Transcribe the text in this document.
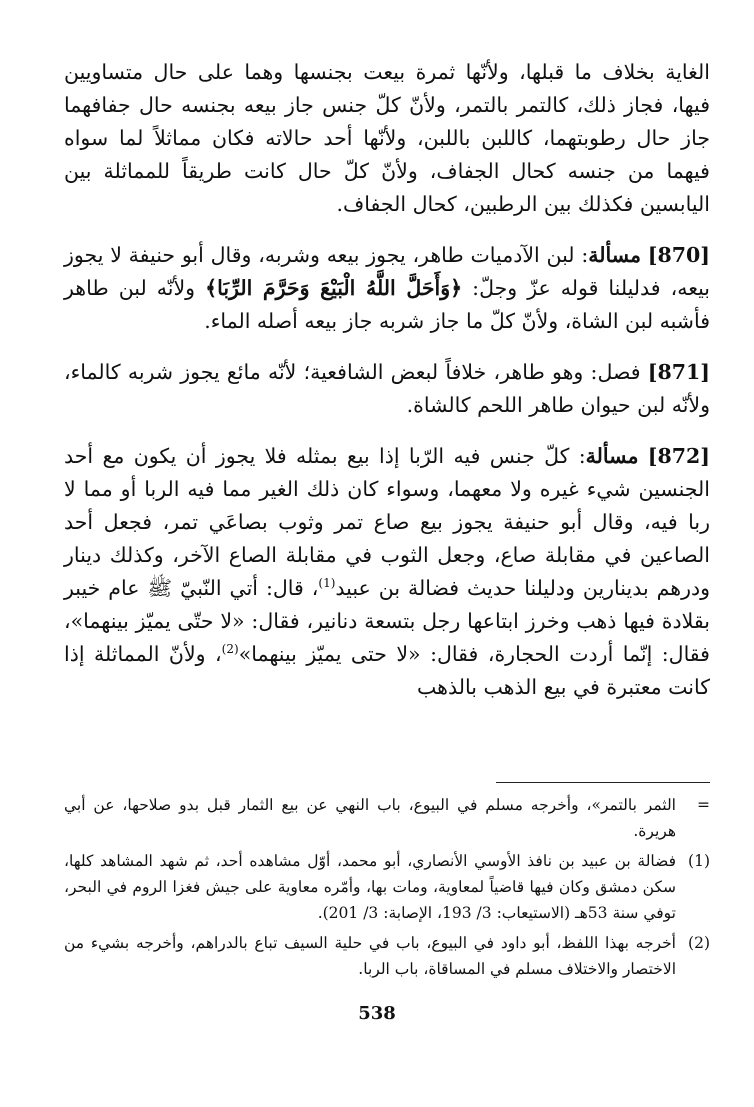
الغاية بخلاف ما قبلها، ولأنّها ثمرة بيعت بجنسها وهما على حال متساويين فيها، فجاز ذلك، كالتمر بالتمر، ولأنّ كلّ جنس جاز بيعه بجنسه حال جفافهما جاز حال رطوبتهما، كاللبن باللبن، ولأنّها أحد حالاته فكان مماثلاً لما سواه فيهما من جنسه كحال الجفاف، ولأنّ كلّ حال كانت طريقاً للمماثلة بين اليابسين فكذلك بين الرطبين، كحال الجفاف.

[870] مسألة: لبن الآدميات طاهر، يجوز بيعه وشربه، وقال أبو حنيفة لا يجوز بيعه، فدليلنا قوله عزّ وجلّ: ﴿وَأَحَلَّ اللَّهُ الْبَيْعَ وَحَرَّمَ الرِّبَا﴾ ولأنّه لبن طاهر فأشبه لبن الشاة، ولأنّ كلّ ما جاز شربه جاز بيعه أصله الماء.

[871] فصل: وهو طاهر، خلافاً لبعض الشافعية؛ لأنّه مائع يجوز شربه كالماء، ولأنّه لبن حيوان طاهر اللحم كالشاة.

[872] مسألة: كلّ جنس فيه الرّبا إذا بيع بمثله فلا يجوز أن يكون مع أحد الجنسين شيء غيره ولا معهما، وسواء كان ذلك الغير مما فيه الربا أو مما لا ربا فيه، وقال أبو حنيفة يجوز بيع صاع تمر وثوب بصاعَي تمر، فجعل أحد الصاعين في مقابلة صاع، وجعل الثوب في مقابلة الصاع الآخر، وكذلك دينار ودرهم بدينارين ودليلنا حديث فضالة بن عبيد$^{(1)}$، قال: أتي النّبيّ ﷺ عام خيبر بقلادة فيها ذهب وخرز ابتاعها رجل بتسعة دنانير، فقال: «لا حتّى يميّز بينهما»، فقال: إنّما أردت الحجارة، فقال: «لا حتى يميّز بينهما»$^{(2)}$، ولأنّ المماثلة إذا كانت معتبرة في بيع الذهب بالذهب

=
الثمر بالتمر»، وأخرجه مسلم في البيوع، باب النهي عن بيع الثمار قبل بدو صلاحها، عن أبي هريرة.

(1)
فضالة بن عبيد بن نافذ الأوسي الأنصاري، أبو محمد، أوّل مشاهده أحد، ثم شهد المشاهد كلها، سكن دمشق وكان فيها قاضياً لمعاوية، ومات بها، وأمّره معاوية على جيش فغزا الروم في البحر، توفي سنة 53هـ (الاستيعاب: 3/ 193، الإصابة: 3/ 201).

(2)
أخرجه بهذا اللفظ، أبو داود في البيوع، باب في حلية السيف تباع بالدراهم، وأخرجه بشيء من الاختصار والاختلاف مسلم في المساقاة، باب الربا.

538
